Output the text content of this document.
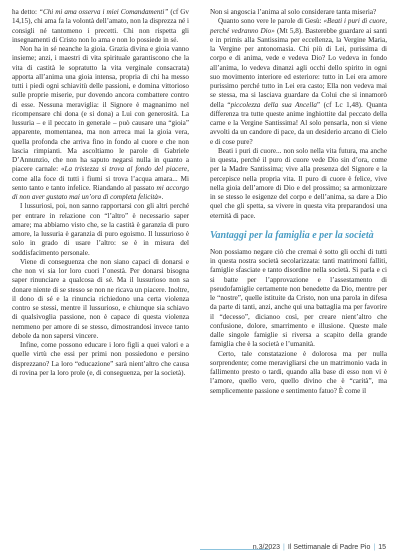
ha detto: “Chi mi ama osserva i miei Comandamenti” (cf Gv 14,15), chi ama fa la volontà dell’amato, non la disprezza né i consigli né tantomeno i precetti. Chi non rispetta gli insegnamenti di Cristo non lo ama e non lo possiede in sé.

Non ha in sé neanche la gioia. Grazia divina e gioia vanno insieme; anzi, i maestri di vita spirituale garantiscono che la vita di castità le sopratutto la vita verginale consacrata) apporta all’anima una gioia intensa, propria di chi ha messo tutti i piedi ogni schiavitù delle passioni, e domina vittorioso sulle proprie miserie, pur dovendo ancora combattere contro di esse. Nessuna meraviglia: il Signore è magnanimo nel ricompensare chi dona (e si dona) a Lui con generosità. La lussuria – e il peccato in generale – può causare una “gioia” apparente, momentanea, ma non arreca mai la gioia vera, quella profonda che arriva fino in fondo al cuore e che non lascia rimpianti. Ma ascoltiamo le parole di Gabriele D’Annunzio, che non ha saputo negarsi nulla in quanto a piacere carnale: «La tristezza si trova al fondo del piacere, come alla foce di tutti i fiumi si trova l’acqua amara... Mi sento tanto e tanto infelice. Riandando al passato mi accorgo di non aver gustato mai un’ora di completa felicità».

I lussuriosi, poi, non sanno rapportarsi con gli altri perché per entrare in relazione con “l’altro” è necessario saper amare; ma abbiamo visto che, se la castità è garanzia di puro amore, la lussuria è garanzia di puro egoismo. Il lussurioso è solo in grado di usare l’altro: se è in misura del soddisfacimento personale.

Viene di conseguenza che non siano capaci di donarsi e che non vi sia lor loro cuori l’onestà. Per donarsi bisogna saper rinunciare a qualcosa di sé. Ma il lussurioso non sa donare niente di se stesso se non ne ricava un piacere. Inoltre, il dono di sé e la rinuncia richiedono una certa violenza contro se stessi, mentre il lussurioso, e chiunque sia schiavo di qualsivoglia passione, non è capace di questa violenza nemmeno per amore di se stesso, dimostrandosi invece tanto debole da non sapersi vincere.

Infine, come possono educare i loro figli a quei valori e a quelle virtù che essi per primi non possiedono e persino disprezzano? La loro “educazione” sarà nient’altro che causa di rovina per la loro prole (e, di conseguenza, per la società).

Non si angoscia l’anima al solo considerare tanta miseria?

Quanto sono vere le parole di Gesù: «Beati i puri di cuore, perché vedranno Dio» (Mt 5,8). Basterebbe guardare ai santi e in primis alla Santissima per eccellenza, la Vergine Maria, la Vergine per antonomasia. Chi più di Lei, purissima di corpo e di anima, vede e vedeva Dio? Lo vedeva in fondo all’anima, lo vedeva dinanzi agli occhi dello spirito in ogni suo movimento interiore ed esteriore: tutto in Lei era amore purissimo perché tutto in Lei era casto; Ella non vedeva mai se stessa, ma si lasciava guardare da Colui che si innamorò della “piccolezza della sua Ancella” (cf Lc 1,48). Quanta differenza tra tutte queste anime inghiottite dal peccato della carne e la Vergine Santissima! Al solo pensarla, non si viene avvolti da un candore di pace, da un desiderio arcano di Cielo e di cose pure?

Beati i puri di cuore... non solo nella vita futura, ma anche in questa, perché il puro di cuore vede Dio sin d’ora, come per la Madre Santissima; vive alla presenza del Signore e la percepisce nella propria vita. Il puro di cuore è felice, vive nella gioia dell’amore di Dio e del prossimo; sa armonizzare in se stesso le esigenze del corpo e dell’anima, sa dare a Dio quel che gli spetta, sa vivere in questa vita preparandosi una eternità di pace.

Vantaggi per la famiglia e per la società

Non possiamo negare ciò che cremai è sotto gli occhi di tutti in questa nostra società secolarizzata: tanti matrimoni falliti, famiglie sfasciate e tanto disordine nella società. Si parla e ci si batte per l’approvazione e l’assestamento di pseudofamiglie certamente non benedette da Dio, mentre per le “nostre”, quelle istituite da Cristo, non una parola in difesa da parte di tanti, anzi, anche qui una battaglia ma per favorire il “decesso”, dicianoo così, per creare nient’altro che confusione, dolore, smarrimento e illusione. Queste male dalle singole famiglie si riversa a scapito della grande famiglia che è la società e l’umanità.

Certo, tale constatazione è dolorosa ma per nulla sorprendente; come meravigliarsi che un matrimonio vada in fallimento presto o tardi, quando alla base di esso non vi è l’amore, quello vero, quello divino che è “carità”, ma semplicemente passione e sentimento fatuo? È come il

n.3/2023 | Il Settimanale di Padre Pio | 15
